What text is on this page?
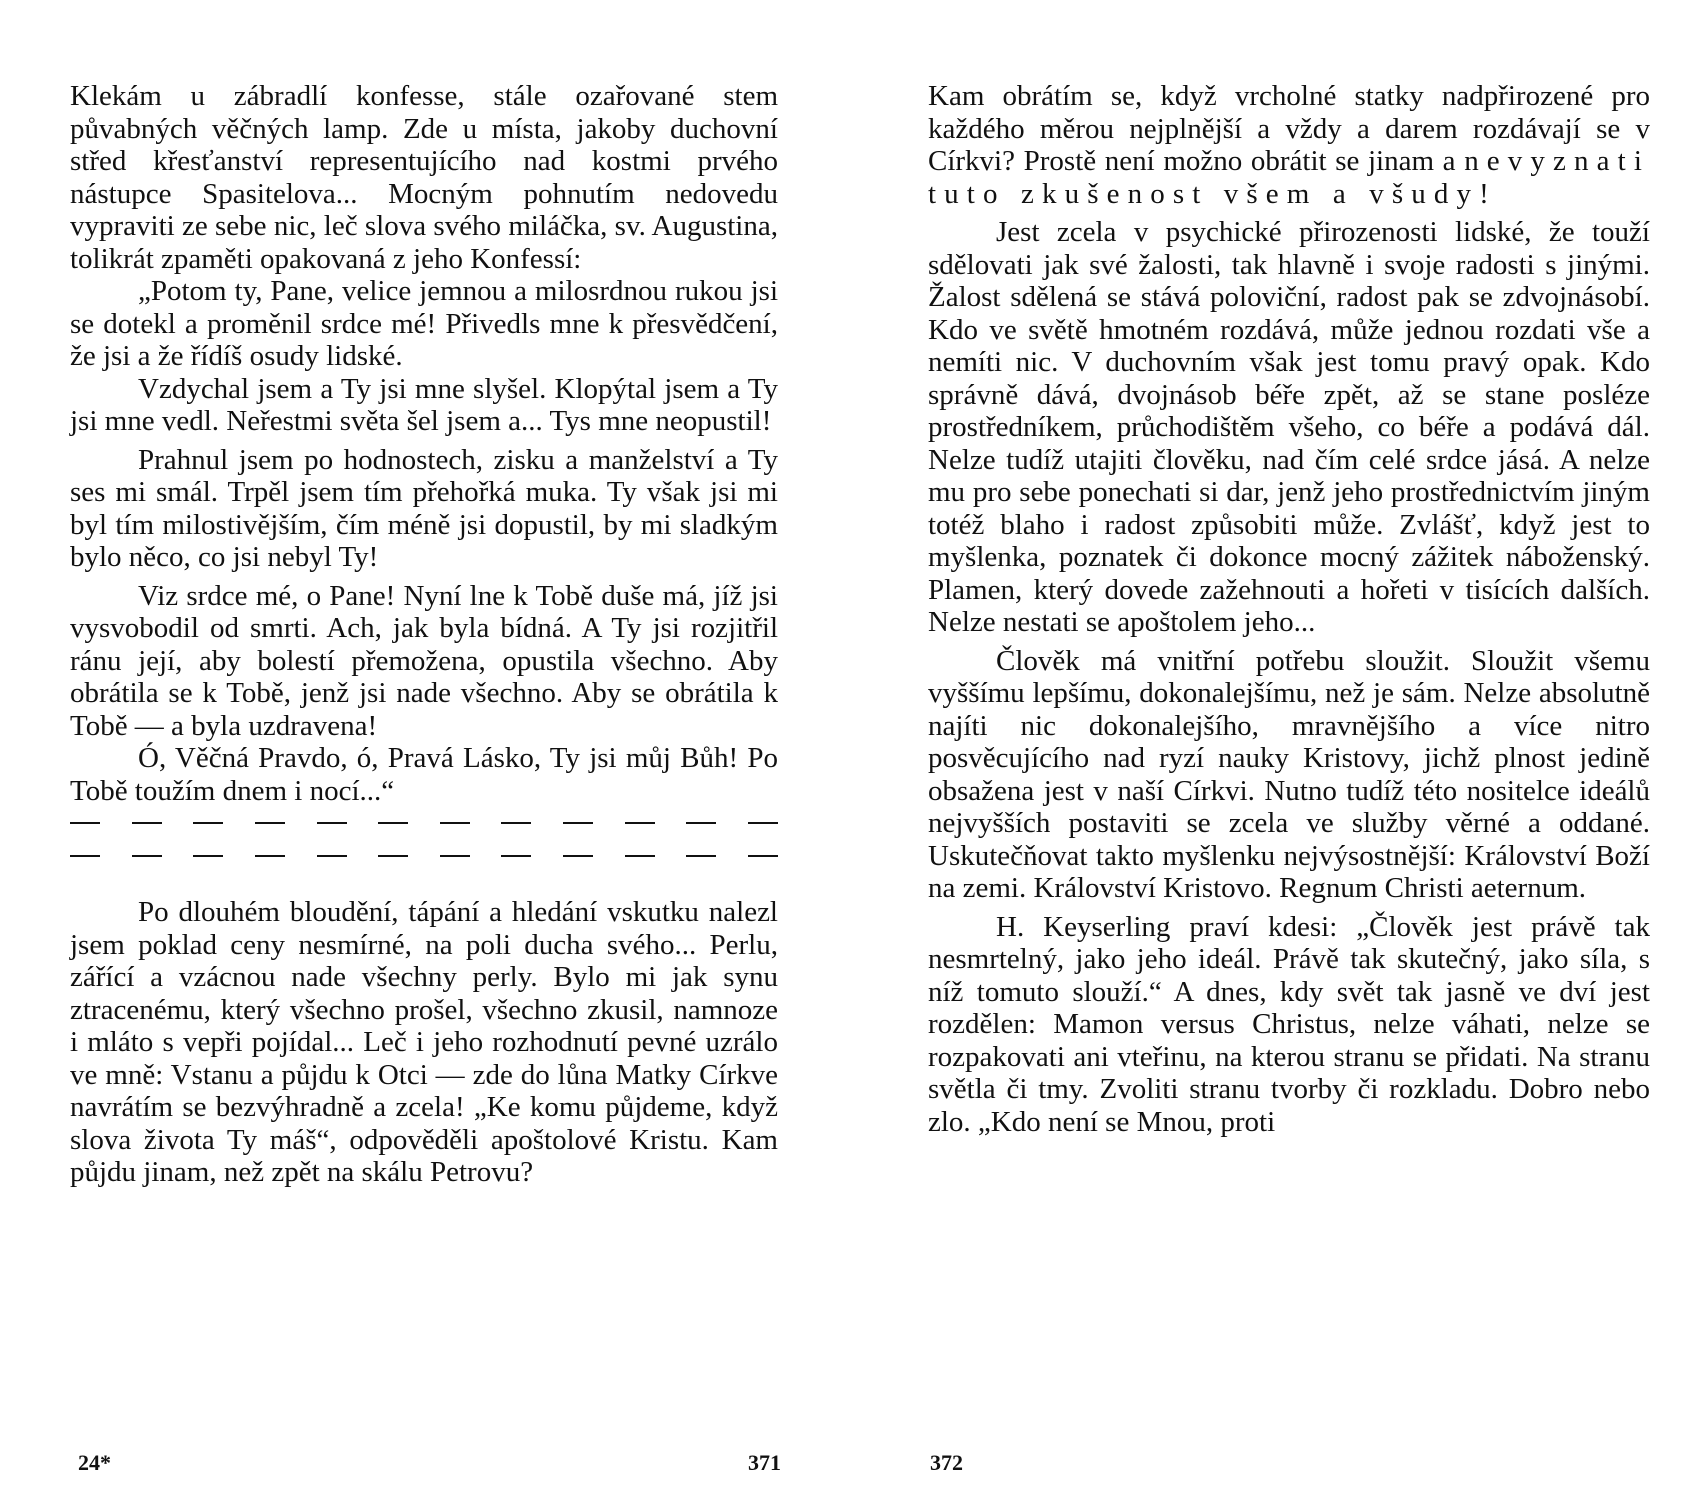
Klekám u zábradlí konfesse, stále ozařované stem půvabných věčných lamp. Zde u místa, jakoby duchovní střed křesťanství representujícího nad kostmi prvého nástupce Spasitelova... Mocným pohnutím nedovedu vypraviti ze sebe nic, leč slova svého miláčka, sv. Augustina, tolikrát zpaměti opakovaná z jeho Konfessí:

„Potom ty, Pane, velice jemnou a milosrdnou rukou jsi se dotekl a proměnil srdce mé! Přivedls mne k přesvědčení, že jsi a že řídíš osudy lidské.

Vzdychal jsem a Ty jsi mne slyšel. Klopýtal jsem a Ty jsi mne vedl. Neřestmi světa šel jsem a... Tys mne neopustil!

Prahnul jsem po hodnostech, zisku a manželství a Ty ses mi smál. Trpěl jsem tím přehořká muka. Ty však jsi mi byl tím milostivějším, čím méně jsi dopustil, by mi sladkým bylo něco, co jsi nebyl Ty!

Viz srdce mé, o Pane! Nyní lne k Tobě duše má, jíž jsi vysvobodil od smrti. Ach, jak byla bídná. A Ty jsi rozjitřil ránu její, aby bolestí přemožena, opustila všechno. Aby obrátila se k Tobě, jenž jsi nade všechno. Aby se obrátila k Tobě — a byla uzdravena!

Ó, Věčná Pravdo, ó, Pravá Lásko, Ty jsi můj Bůh! Po Tobě toužím dnem i nocí...“

Po dlouhém bloudění, tápání a hledání vskutku nalezl jsem poklad ceny nesmírné, na poli ducha svého... Perlu, zářící a vzácnou nade všechny perly. Bylo mi jak synu ztracenému, který všechno prošel, všechno zkusil, namnoze i mláto s vepři pojídal... Leč i jeho rozhodnutí pevné uzrálo ve mně: Vstanu a půjdu k Otci — zde do lůna Matky Církve navrátím se bezvýhradně a zcela! „Ke komu půjdeme, když slova života Ty máš“, odpověděli apoštolové Kristu. Kam půjdu jinam, než zpět na skálu Petrovu?

24*	371

Kam obrátím se, když vrcholné statky nadpřirozené pro každého měrou nejplnější a vždy a darem rozdávají se v Církvi? Prostě není možno obrátit se jinam a nevyznati tuto zkušenost všem a všudy!

Jest zcela v psychické přirozenosti lidské, že touží sdělovati jak své žalosti, tak hlavně i svoje radosti s jinými. Žalost sdělená se stává poloviční, radost pak se zdvojnásobí. Kdo ve světě hmotném rozdává, může jednou rozdati vše a nemíti nic. V duchovním však jest tomu pravý opak. Kdo správně dává, dvojnásob béře zpět, až se stane posléze prostředníkem, průchodištěm všeho, co béře a podává dál. Nelze tudíž utajiti člověku, nad čím celé srdce jásá. A nelze mu pro sebe ponechati si dar, jenž jeho prostřednictvím jiným totéž blaho i radost způsobiti může. Zvlášť, když jest to myšlenka, poznatek či dokonce mocný zážitek náboženský. Plamen, který dovede zažehnouti a hořeti v tisících dalších. Nelze nestati se apoštolem jeho...

Člověk má vnitřní potřebu sloužit. Sloužit všemu vyššímu lepšímu, dokonalejšímu, než je sám. Nelze absolutně najíti nic dokonalejšího, mravnějšího a více nitro posvěcujícího nad ryzí nauky Kristovy, jichž plnost jedině obsažena jest v naší Církvi. Nutno tudíž této nositelce ideálů nejvyšších postaviti se zcela ve služby věrné a oddané. Uskutečňovat takto myšlenku nejvýsostnější: Království Boží na zemi. Království Kristovo. Regnum Christi aeternum.

H. Keyserling praví kdesi: „Člověk jest právě tak nesmrtelný, jako jeho ideál. Právě tak skutečný, jako síla, s níž tomuto slouží.“ A dnes, kdy svět tak jasně ve dví jest rozdělen: Mamon versus Christus, nelze váhati, nelze se rozpakovati ani vteřinu, na kterou stranu se přidati. Na stranu světla či tmy. Zvoliti stranu tvorby či rozkladu. Dobro nebo zlo. „Kdo není se Mnou, proti

372
